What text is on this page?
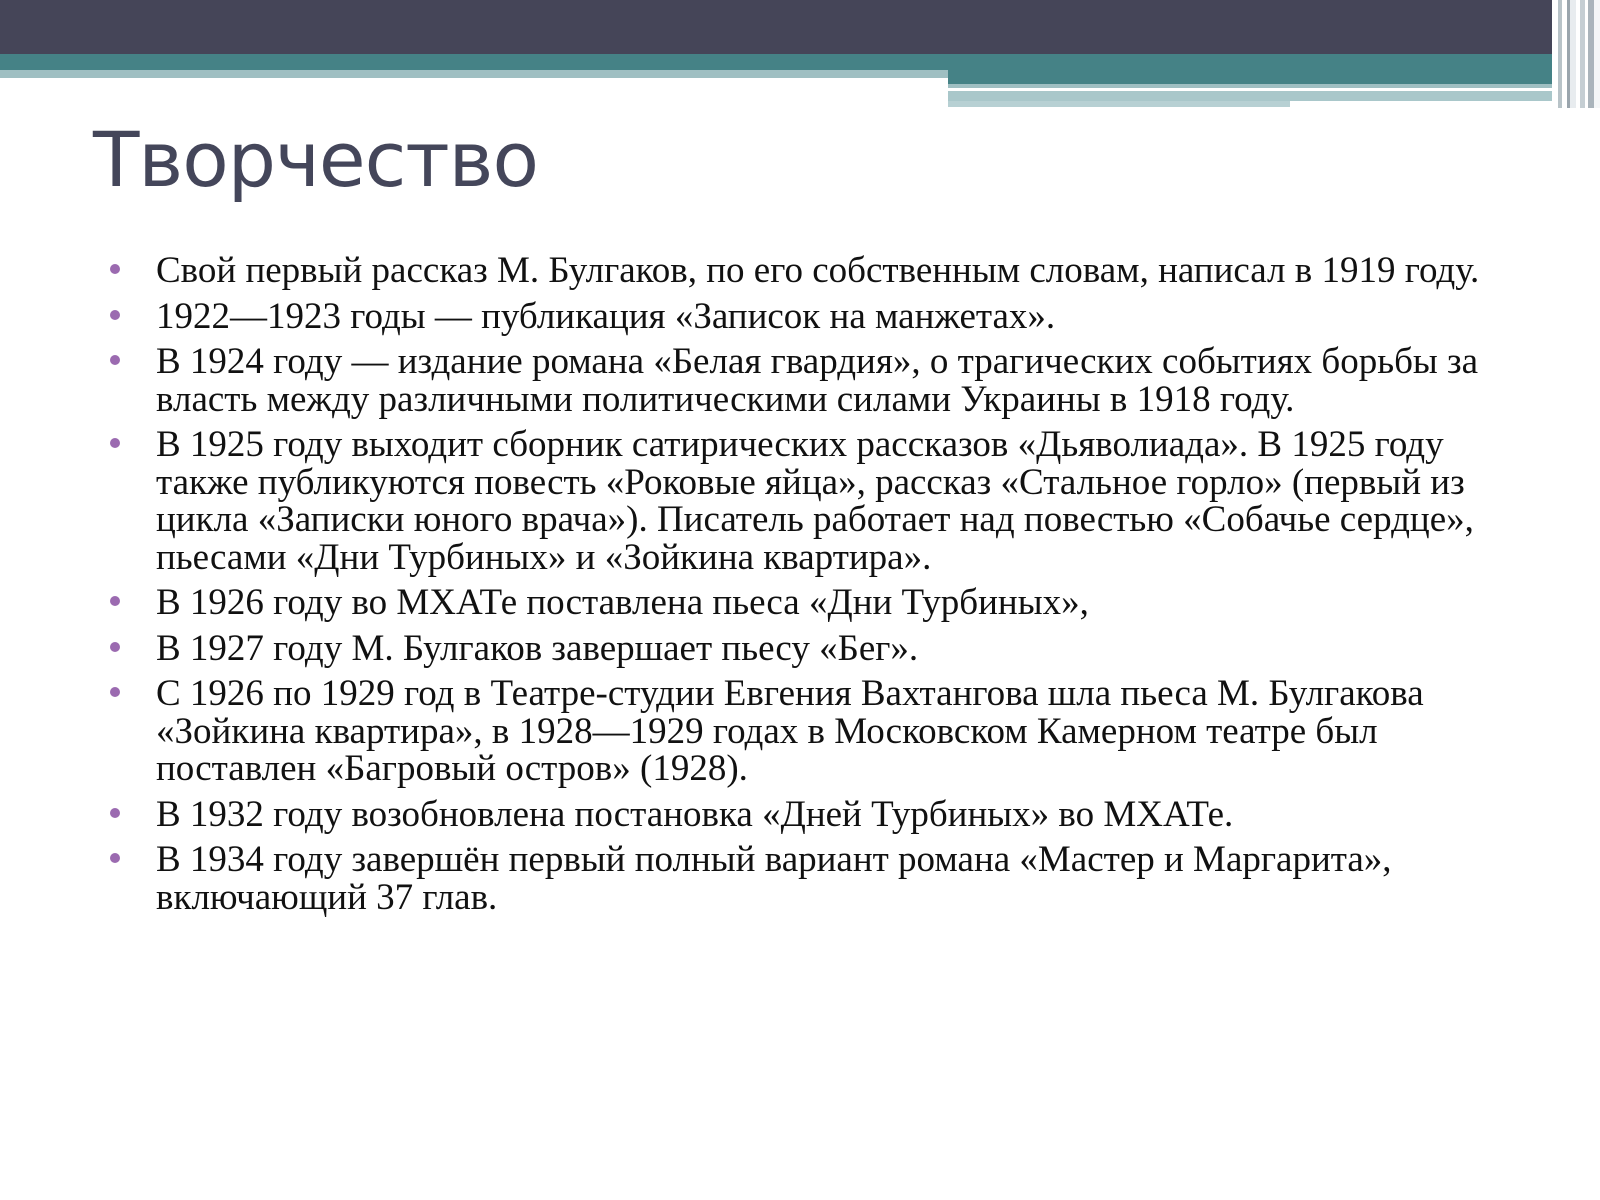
Творчество
Свой первый рассказ М. Булгаков, по его собственным словам, написал в 1919 году.
1922—1923 годы — публикация «Записок на манжетах».
В 1924 году — издание романа «Белая гвардия», о трагических событиях борьбы за власть между различными политическими силами Украины в 1918 году.
В 1925 году выходит сборник сатирических рассказов «Дьяволиада». В 1925 году также публикуются повесть «Роковые яйца», рассказ «Стальное горло» (первый из цикла «Записки юного врача»). Писатель работает над повестью «Собачье сердце», пьесами «Дни Турбиных» и «Зойкина квартира».
В 1926 году во МХАТе поставлена пьеса «Дни Турбиных»,
В 1927 году М. Булгаков завершает пьесу «Бег».
С 1926 по 1929 год в Театре-студии Евгения Вахтангова шла пьеса М. Булгакова «Зойкина квартира», в 1928—1929 годах в Московском Камерном театре был поставлен «Багровый остров» (1928).
В 1932 году возобновлена постановка «Дней Турбиных» во МХАТе.
В 1934 году завершён первый полный вариант романа «Мастер и Маргарита», включающий 37 глав.
